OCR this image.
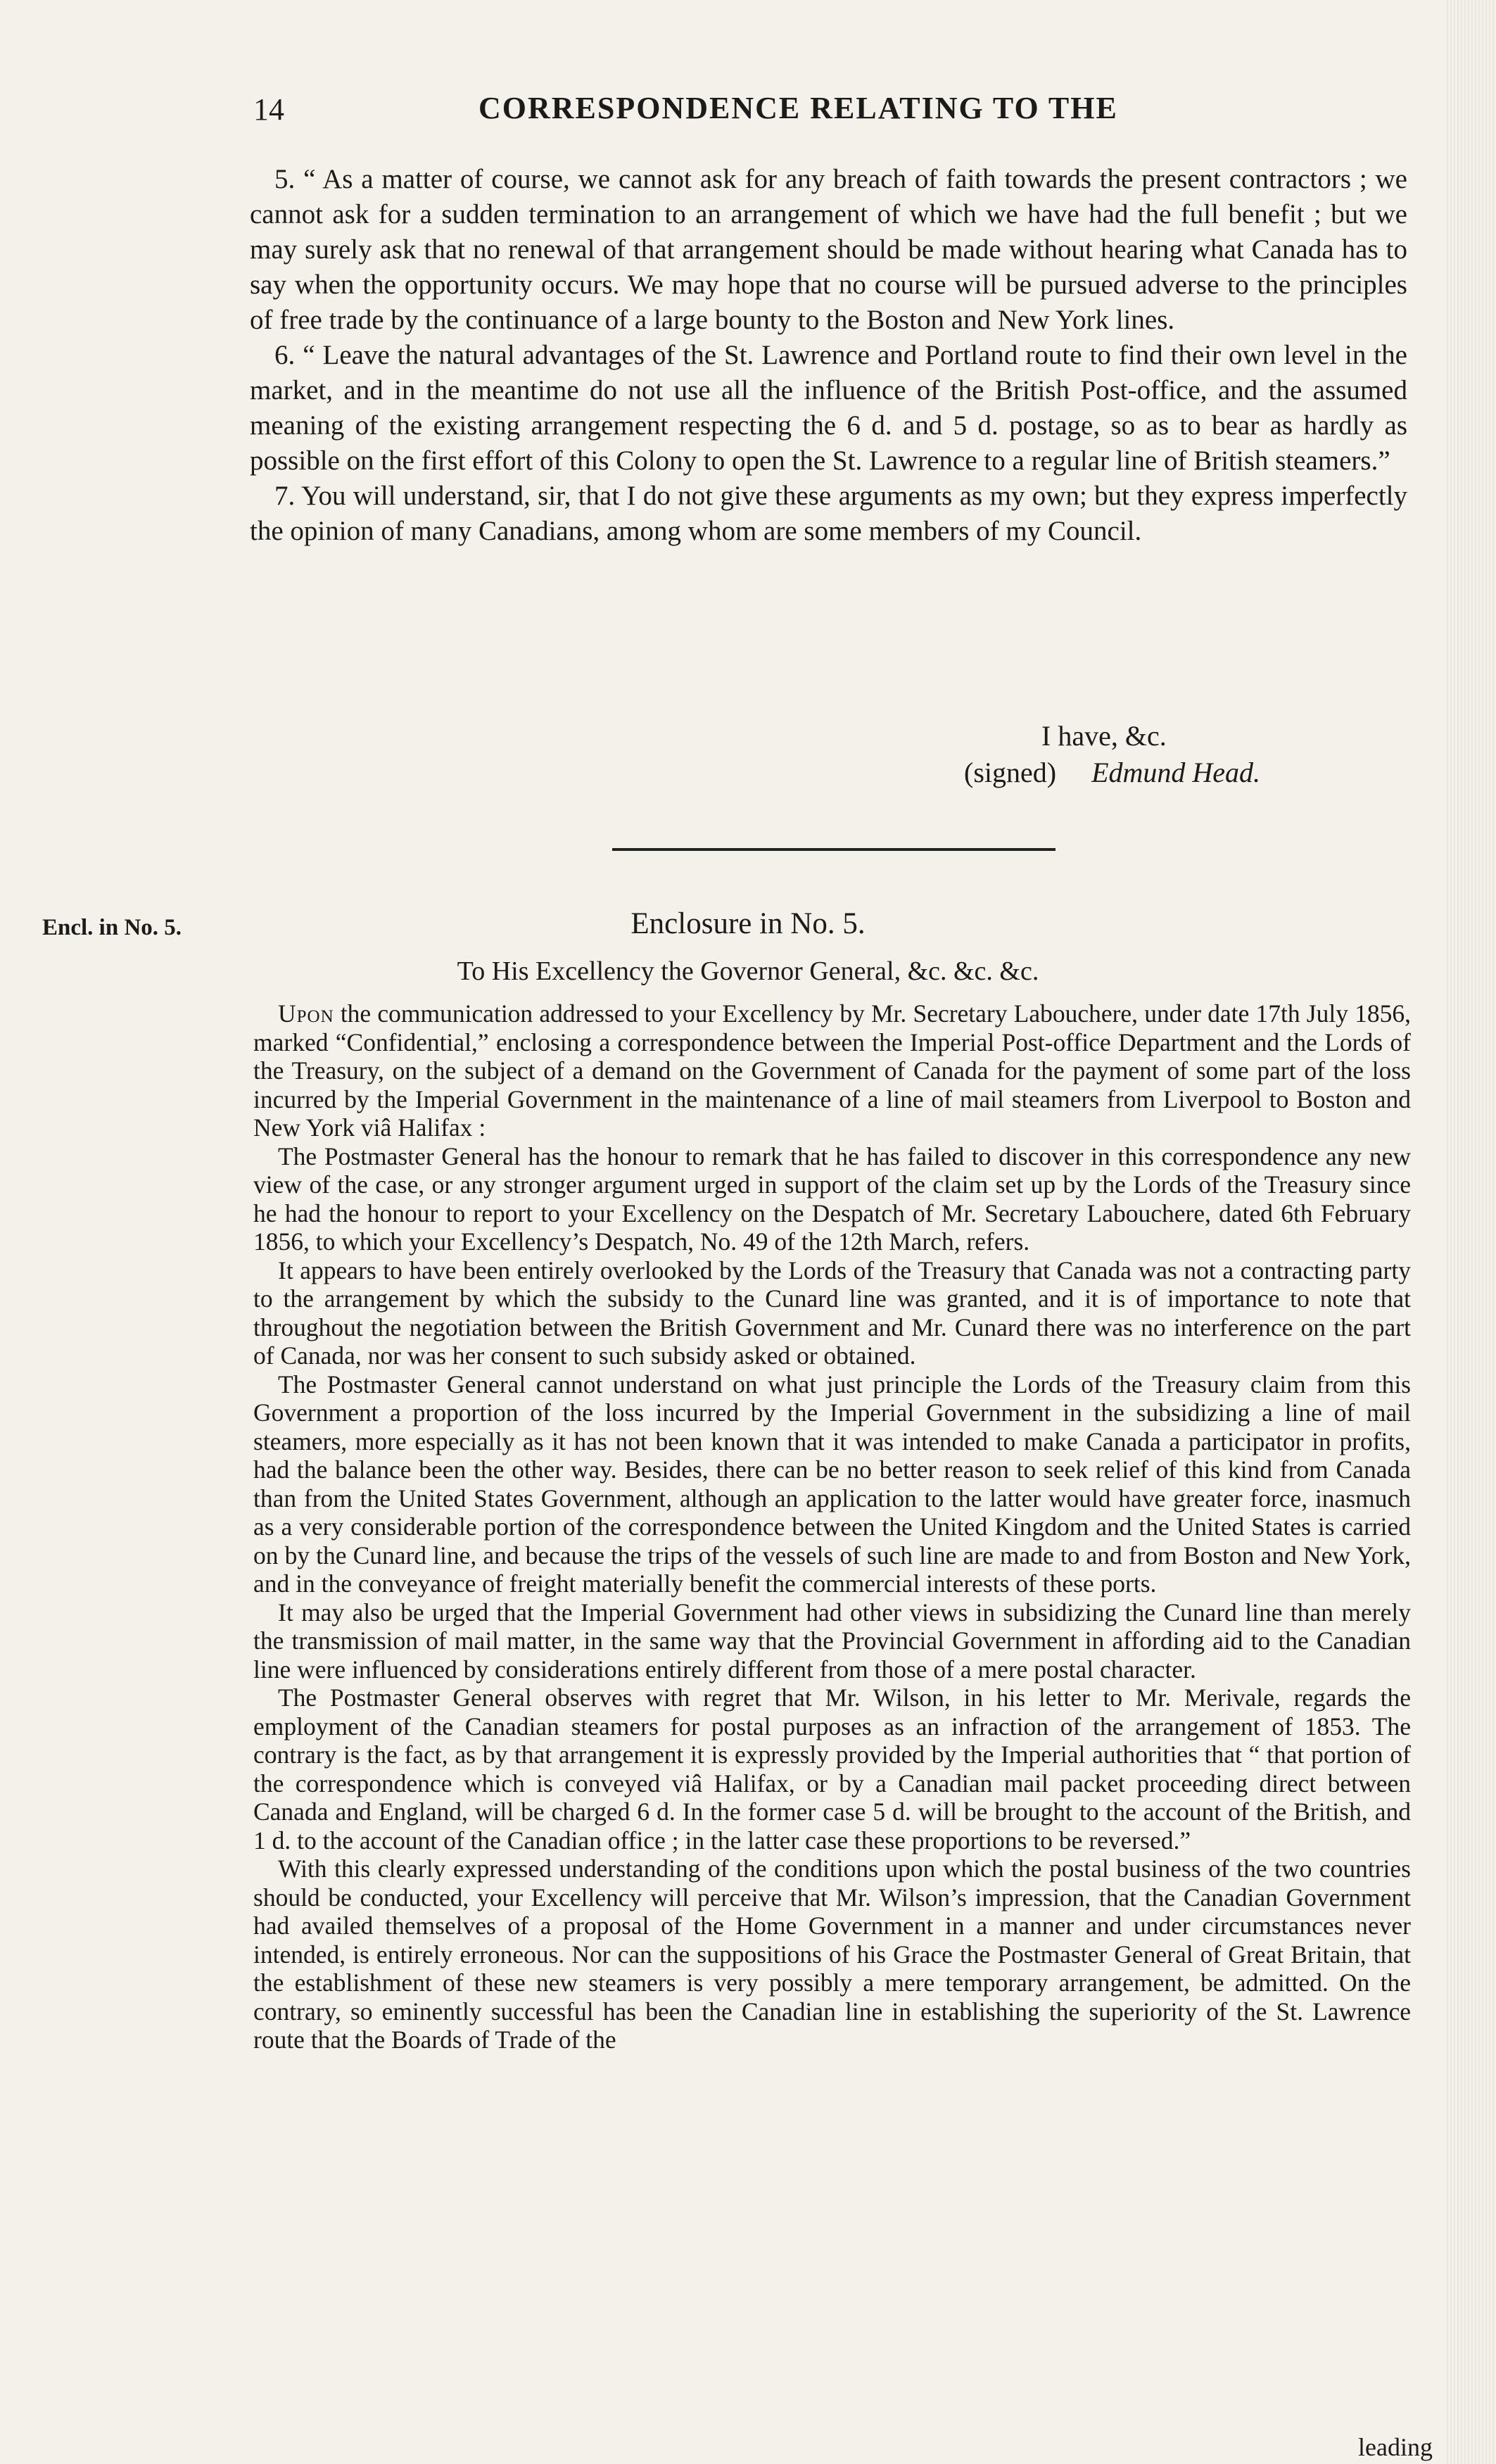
14	CORRESPONDENCE RELATING TO THE

5. “ As a matter of course, we cannot ask for any breach of faith towards the present contractors ; we cannot ask for a sudden termination to an arrangement of which we have had the full benefit ; but we may surely ask that no renewal of that arrangement should be made without hearing what Canada has to say when the opportunity occurs. We may hope that no course will be pursued adverse to the principles of free trade by the continuance of a large bounty to the Boston and New York lines.

6. “ Leave the natural advantages of the St. Lawrence and Portland route to find their own level in the market, and in the meantime do not use all the influence of the British Post-office, and the assumed meaning of the existing arrangement respecting the 6 d. and 5 d. postage, so as to bear as hardly as possible on the first effort of this Colony to open the St. Lawrence to a regular line of British steamers.”

7. You will understand, sir, that I do not give these arguments as my own; but they express imperfectly the opinion of many Canadians, among whom are some members of my Council.

I have, &c.
(signed) Edmund Head.
Encl. in No. 5.	Enclosure in No. 5.
To His Excellency the Governor General, &c. &c. &c.

Upon the communication addressed to your Excellency by Mr. Secretary Labouchere, under date 17th July 1856, marked “Confidential,” enclosing a correspondence between the Imperial Post-office Department and the Lords of the Treasury, on the subject of a demand on the Government of Canada for the payment of some part of the loss incurred by the Imperial Government in the maintenance of a line of mail steamers from Liverpool to Boston and New York viâ Halifax :

The Postmaster General has the honour to remark that he has failed to discover in this correspondence any new view of the case, or any stronger argument urged in support of the claim set up by the Lords of the Treasury since he had the honour to report to your Excellency on the Despatch of Mr. Secretary Labouchere, dated 6th February 1856, to which your Excellency’s Despatch, No. 49 of the 12th March, refers.

It appears to have been entirely overlooked by the Lords of the Treasury that Canada was not a contracting party to the arrangement by which the subsidy to the Cunard line was granted, and it is of importance to note that throughout the negotiation between the British Government and Mr. Cunard there was no interference on the part of Canada, nor was her consent to such subsidy asked or obtained.

The Postmaster General cannot understand on what just principle the Lords of the Treasury claim from this Government a proportion of the loss incurred by the Imperial Government in the subsidizing a line of mail steamers, more especially as it has not been known that it was intended to make Canada a participator in profits, had the balance been the other way. Besides, there can be no better reason to seek relief of this kind from Canada than from the United States Government, although an application to the latter would have greater force, inasmuch as a very considerable portion of the correspondence between the United Kingdom and the United States is carried on by the Cunard line, and because the trips of the vessels of such line are made to and from Boston and New York, and in the conveyance of freight materially benefit the commercial interests of these ports.

It may also be urged that the Imperial Government had other views in subsidizing the Cunard line than merely the transmission of mail matter, in the same way that the Provincial Government in affording aid to the Canadian line were influenced by considerations entirely different from those of a mere postal character.

The Postmaster General observes with regret that Mr. Wilson, in his letter to Mr. Merivale, regards the employment of the Canadian steamers for postal purposes as an infraction of the arrangement of 1853. The contrary is the fact, as by that arrangement it is expressly provided by the Imperial authorities that “ that portion of the correspondence which is conveyed viâ Halifax, or by a Canadian mail packet proceeding direct between Canada and England, will be charged 6 d. In the former case 5 d. will be brought to the account of the British, and 1 d. to the account of the Canadian office ; in the latter case these proportions to be reversed.”

With this clearly expressed understanding of the conditions upon which the postal business of the two countries should be conducted, your Excellency will perceive that Mr. Wilson’s impression, that the Canadian Government had availed themselves of a proposal of the Home Government in a manner and under circumstances never intended, is entirely erroneous. Nor can the suppositions of his Grace the Postmaster General of Great Britain, that the establishment of these new steamers is very possibly a mere temporary arrangement, be admitted. On the contrary, so eminently successful has been the Canadian line in establishing the superiority of the St. Lawrence route that the Boards of Trade of the

leading
